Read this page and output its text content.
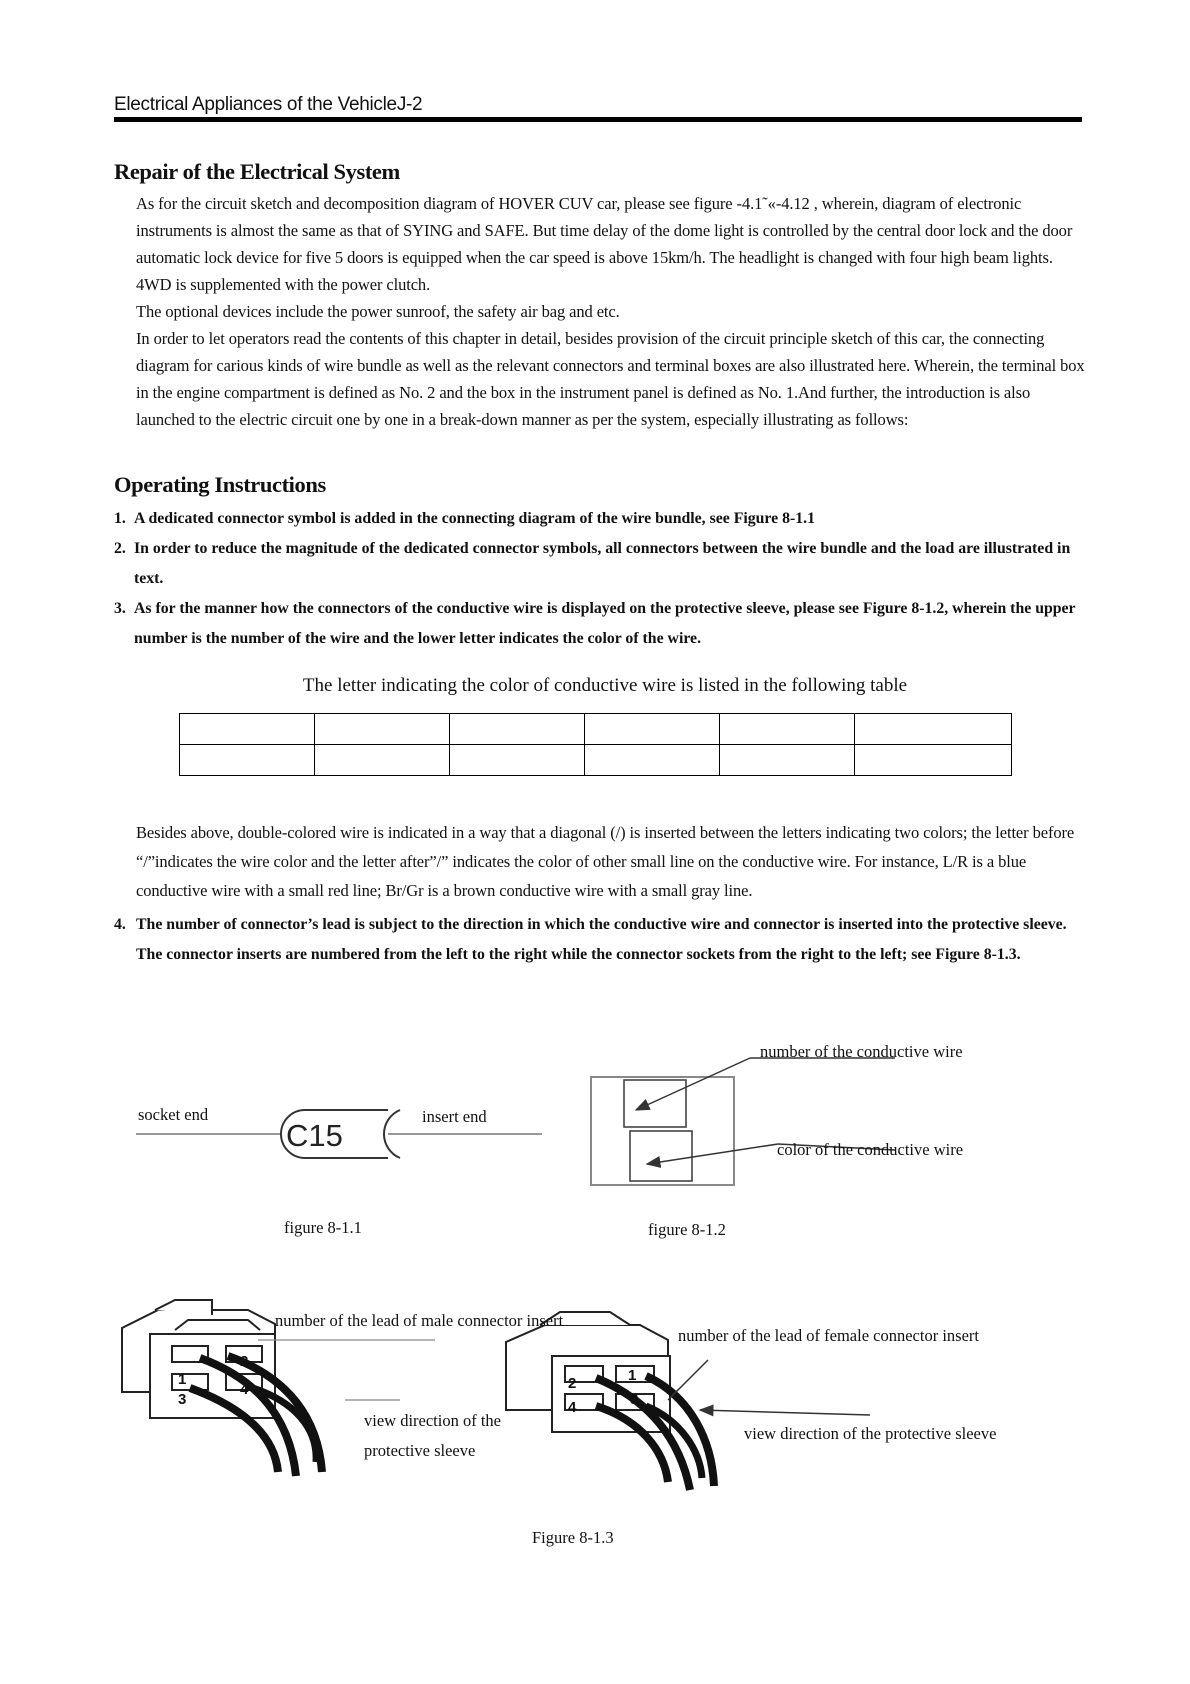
Electrical Appliances of the VehicleJ-2
Repair of the Electrical System
As for the circuit sketch and decomposition diagram of HOVER CUV car, please see figure -4.1˜«-4.12 , wherein, diagram of electronic instruments is almost the same as that of SYING and SAFE. But time delay of the dome light is controlled by the central door lock and the door automatic lock device for five 5 doors is equipped when the car speed is above 15km/h. The headlight is changed with four high beam lights. 4WD is supplemented with the power clutch.
The optional devices include the power sunroof, the safety air bag and etc.
In order to let operators read the contents of this chapter in detail, besides provision of the circuit principle sketch of this car, the connecting diagram for carious kinds of wire bundle as well as the relevant connectors and terminal boxes are also illustrated here. Wherein, the terminal box in the engine compartment is defined as No. 2 and the box in the instrument panel is defined as No. 1.And further, the introduction is also launched to the electric circuit one by one in a break-down manner as per the system, especially illustrating as follows:
Operating Instructions
1. A dedicated connector symbol is added in the connecting diagram of the wire bundle, see Figure 8-1.1
2. In order to reduce the magnitude of the dedicated connector symbols, all connectors between the wire bundle and the load are illustrated in text.
3. As for the manner how the connectors of the conductive wire is displayed on the protective sleeve, please see Figure 8-1.2, wherein the upper number is the number of the wire and the lower letter indicates the color of the wire.
The letter indicating the color of conductive wire is listed in the following table

Besides above, double-colored wire is indicated in a way that a diagonal (/) is inserted between the letters indicating two colors; the letter before “/”indicates the wire color and the letter after”/” indicates the color of other small line on the conductive wire. For instance, L/R is a blue conductive wire with a small red line; Br/Gr is a brown conductive wire with a small gray line.
4. The number of connector’s lead is subject to the direction in which the conductive wire and connector is inserted into the protective sleeve. The connector inserts are numbered from the left to the right while the connector sockets from the right to the left; see Figure 8-1.3.
C15
1
2
3
4	2	1
4	3
socket end	insert end
figure 8-1.1
number of the conductive wire
color of the conductive wire
figure 8-1.2
number of the lead of male connector insert
number of the lead of female connector insert
view direction of the
protective sleeve
view direction of the protective sleeve
Figure 8-1.3
